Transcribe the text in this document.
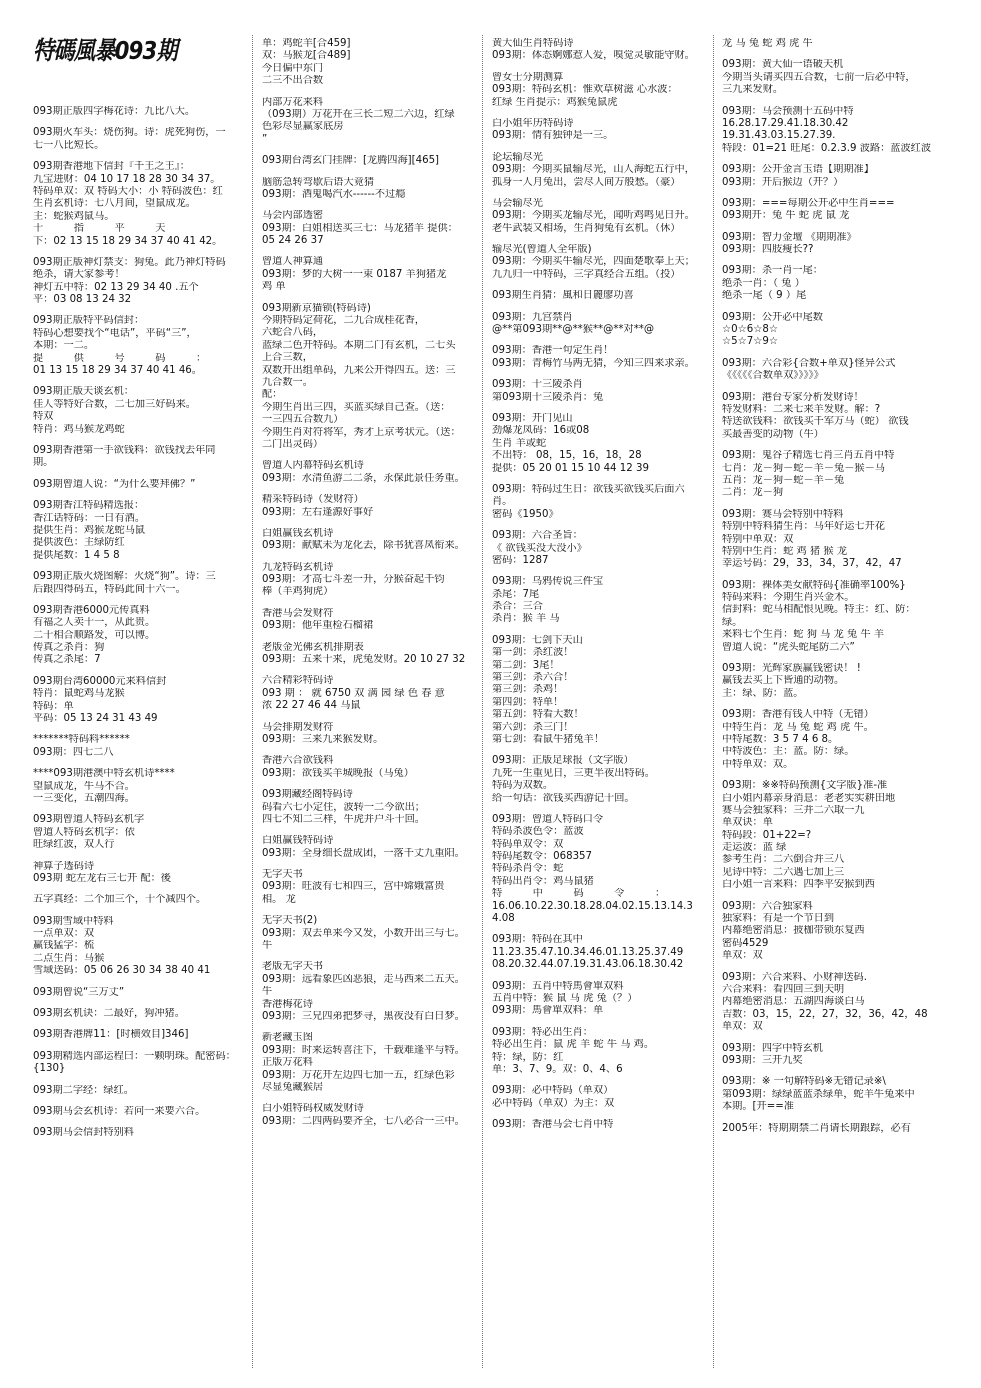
特碼風暴093期
093期正版四字梅花诗：九比八大。
093期火车头：烧伤狗。诗：虎死狗伤，一
七一八比短长。
093期香港地下信封『千王之王』：
九宝进财：04 10 17 18 28 30 34 37。
特码单双：双 特码大小：小 特码波色：红
生肖玄机诗：七八月间，望鼠成龙。
主：蛇猴鸡鼠马。
十　　　指　　　平　　　天
下：02 13 15 18 29 34 37 40 41 42。
093期正版神灯禁支：狗兔。此乃神灯特码
绝杀，请大家参考！
神灯五中特：02 13 29 34 40 .五个
平：03 08 13 24 32
093期正版特平码信封：
特码心想要找个“电话”，平码“三”，
本期：一二。
提　　　供　　　号　　　码　　　：
01 13 15 18 29 34 37 40 41 46。
093期正版天谈玄机：
佳人等特好合数，二七加三好码来。
特双
特肖：鸡马猴龙鸡蛇
093期香港第一手欲钱料：欲钱找去年同
期。
093期曾道人说：“为什么要拜佛？”
093期香江特码精选报：
香江话特码：一日有酒。
提供生肖：鸡猴龙蛇马鼠
提供波色：主绿防红
提供尾数：1 4 5 8
093期正版火烧图解：火烧“狗”。诗：三
后跟四得码五，特码此间十六一。
093期香港6000元传真料
有福之人卖十一，从此贵。
二十相合顺路发，可以博。
传真之杀肖：狗
传真之杀尾：7
093期台湾60000元来料信封
特肖：鼠蛇鸡马龙猴
特码：单
平码：05 13 24 31 43 49
*******特码料******
093期：四七二八
****093期港澳中特玄机诗****
望鼠成龙，牛马不合。
一三变化，五潮四海。
093期曾道人特码玄机字
曾道人特码玄机字：依
旺绿红波，双人行
神算子透码诗
093期 蛇左龙右三七开 配：後
五字真经：二个加三个，十个减四个。
093期雪域中特料
一点单双：双
赢钱猛字：梳
二点生肖：马猴
雪域送码：05 06 26 30 34 38 40 41
093期曾说“三万丈”
093期玄机诀：二最好，狗冲猪。
093期香港牌11：[时横效目]346]
093期精选内部运程曰：一颗明珠。配密码：
{130}
093期二字经：绿红。
093期马会玄机诗：若问一来要六合。
093期马会信封特别料
单：鸡蛇羊[合459]
双：马猴龙[合489]
今日偏中东门
二三不出合数
内部万花来料
（093期）万花开在三长二短二六边，红绿
色彩尽显赢家底房
”
093期台湾玄门挂牌：[龙腾四海][465]
脑筋急转弯歇后语大竟猜
093期：酒鬼喝汽水------不过瘾
马会内部透密
093期：白姐相送买三七：马龙猪羊 提供：
05 24 26 37
曾道人神算通
093期：梦的大树一一束 0187 羊狗猪龙
鸡 单
093期新京猫锁(特码诗)
今期特码定荷花，二九合成桂花香，
六蛇合八码，
蓝绿二色开特码。本期二门有玄机，二七头
上合三数，
双数开出组单码，九来公开得四五。送：三
九合数一。
配：
今期生肖出三四，买蓝买绿自己查。（送：
一三四五合数九）
今期生肖对符将军，秀才上京考状元。（送：
二门出灵码）
曾道人内幕特码玄机诗
093期：水清鱼游二二条，永保此景任务重。
精采特码诗（发财符）
093期：左右逢源好事好
白姐赢钱玄机诗
093期：献赋未为龙化去，除书犹喜凤衔来。
九龙特码玄机诗
093期：才高七斗差一升，分猴奋起千钧
棒（羊鸡狗虎）
香港马会发财符
093期：他年重检石榴裙
老版金光佛玄机排期表
093期：五来十来，虎兔发财。20 10 27 32
六合精彩特码诗
093 期 ： 就 6750 双 满 园 绿 色 春 意
浓 22 27 46 44 马鼠
马会排期发财符
093期：三来九来猴发财。
香港六合欲钱料
093期：欲钱买羊城晚报（马兔）
093期藏经阁特码诗
码看六七小定住，波转一二今欲出；
四七不知二三样，牛虎并户斗十回。
白姐赢钱特码诗
093期：全身细长盘成团，一落千丈九重阳。
无字天书
093期：旺波有七和四三，宫中嫦娥富贵
相。 龙
无字天书(2)
093期：双去单来今又发，小数开出三与七。
牛
老版无字天书
093期：远看象匹凶恶狼，走马西来二五天。
牛
香港梅花诗
093期：三兄四弟把梦寻，黑夜没有白日梦。
新老藏玉图
093期：时来运转喜注下，千载难逢平与特。
正版万花料
093期：万花开左边四七加一五，红绿色彩
尽显兔藏猴居
白小姐特码权威发财诗
093期：二四两码要齐全，七八必合一三中。
黄大仙生肖特码诗
093期：体态婀娜惹人爱，嗅觉灵敏能守财。
曾女士分期测算
093期：特码玄机：惟欢草树滋 心水波：
红绿 生肖提示：鸡猴兔鼠虎
白小姐年历特码诗
093期：情有独钟是一三。
论坛输尽光
093期：今期买鼠输尽光，山人海蛇五行中，
孤身一人月兔出，尝尽人间万般愁。（豪）
马会输尽光
093期：今期买龙输尽光，闻听鸡鸣见日升。
老牛武装又相场，生肖狗兔有玄机。（休）
输尽光(曾道人全年版)
093期：今期买牛输尽光，四面楚歌奉上天；
九九归一中特码，三字真经合五组。（投）
093期生肖猜：風和日麗廖功喜
093期：九宫禁肖
@**第093期**@**猴**@**对**@
093期：香港一句定生肖！
093期：青梅竹马两无猜，今知三四来求亲。
093期：十三陵杀肖
第093期十三陵杀肖：兔
093期：开门见山
劲爆龙凤码：16或08
生肖 羊或蛇
不出特： 08，15，16，18，28
提供：05 20 01 15 10 44 12 39
093期：特码过生日：欲钱买欲钱买后面六
肖。
密码《1950》
093期：六合圣旨：
《 欲钱买没大没小》
密码：1287
093期：乌鸦传说三件宝
杀尾：7尾
杀合：三合
杀肖：猴 羊 马
093期：七剑下天山
第一剑：杀红波！
第二剑：3尾！
第三剑：杀六合！
第三剑：杀鸡！
第四剑：特单！
第五剑：特看大数！
第六剑：杀三门！
第七剑：看鼠牛猪兔羊！
093期：正版足球报（文字版）
九死一生重见日，三更半夜出特码。
特码为双数。
给一句话：欲钱买西游记十回。
093期：曾道人特码口令
特码杀波色令：蓝波
特码单双令：双
特码尾数令：068357
特码杀肖令：蛇
特码出肖令：鸡马鼠猪
特　　　中　　　码　　　令　　　：
16.06.10.22.30.18.28.04.02.15.13.14.3
4.08
093期：特码在其中
11.23.35.47.10.34.46.01.13.25.37.49
08.20.32.44.07.19.31.43.06.18.30.42
093期：五肖中特馬會單双料
五肖中特：猴 鼠 马 虎 兔（？）
093期：馬會單双料：单
093期：特必出生肖：
特必出生肖：鼠 虎 羊 蛇 牛 马 鸡。
特：绿，防：红
单：3、7、9。双：0、4、6
093期：必中特码（单双）
必中特码（单双）为主：双
093期：香港马会七肖中特
龙 马 兔 蛇 鸡 虎 牛
093期：黄大仙一语破天机
今期当头请买四五合数，七前一后必中特，
三九来发财。
093期：马会预测十五码中特
16.28.17.29.41.18.30.42
19.31.43.03.15.27.39.
特段：01=21 旺尾：0.2.3.9 波路：蓝波红波
093期：公开金言玉语【期期准】
093期：开后猴边（开？）
093期：===每期公开必中生肖===
093期开：兔 牛 蛇 虎 鼠 龙
093期：智力金壇 《期期准》
093期：四肢瘦长??
093期：杀一肖一尾：
绝杀一肖：（ 兔 ）
绝杀一尾（ 9 ）尾
093期：公开必中尾数
☆0☆6☆8☆
☆5☆7☆9☆
093期：六合彩{合数+单双}怪异公式
《《《《《合数单双》》》》》
093期：港台专家分析发财诗！
特发财料：二来七来羊发财。解：?
特送欲钱料：欲钱买千军万马（蛇） 欲钱
买最善变的动物（牛）
093期：鬼谷子精选七肖三肖五肖中特
七肖：龙－狗－蛇－羊－兔－猴－马
五肖：龙－狗－蛇－羊－兔
二肖：龙－狗
093期：赛马会特别中特料
特别中特料猜生肖：马年好运七开花
特别中单双：双
特别中生肖：蛇 鸡 猪 猴 龙
幸运号码：29，33，34，37，42，47
093期：裸体美女献特码{准确率100%}
特码来料：今期生肖兴金木。
信封料：蛇马相配恨见晚。特主：红、防：
绿。
来料七个生肖：蛇 狗 马 龙 兔 牛 羊
曾道人说：“虎头蛇尾防二六”
093期：光辉家族赢钱密诀！ !
赢钱去买上下皆通的动物。
主：绿、防：蓝。
093期：香港有钱人中特（无错）
中特生肖：龙 马 兔 蛇 鸡 虎 牛。
中特尾数：3 5 7 4 6 8。
中特波色：主：蓝。防：绿。
中特单双：双。
093期：※※特码预测{文字版}准-准
白小姐内幕亲身消息：老老实实耕田地
赛马会独家料：三并二六取一九
单双诀：单
特码段：01+22=?
走运波：蓝 绿
参考生肖：二六倒合并三八
见诗中特：二六遇七加上三
白小姐一言来料：四季平安猴到西
093期：六合独家料
独家料：有是一个节日到
内幕绝密消息：披枷带锁东复西
密码4529
单双：双
093期：六合来料、小财神送码.
六合来料：看四回三到天明
内幕绝密消息：五湖四海谈白马
吉数：03，15，22，27，32，36，42，48
单双：双
093期：四字中特玄机
093期：三开九奖
093期：※ 一句解特码※无错记录※\
第093期：绿绿蓝蓝杀绿单，蛇羊牛兔来中
本期。[开==准
2005年：特期期禁二肖请长期跟踪，必有
